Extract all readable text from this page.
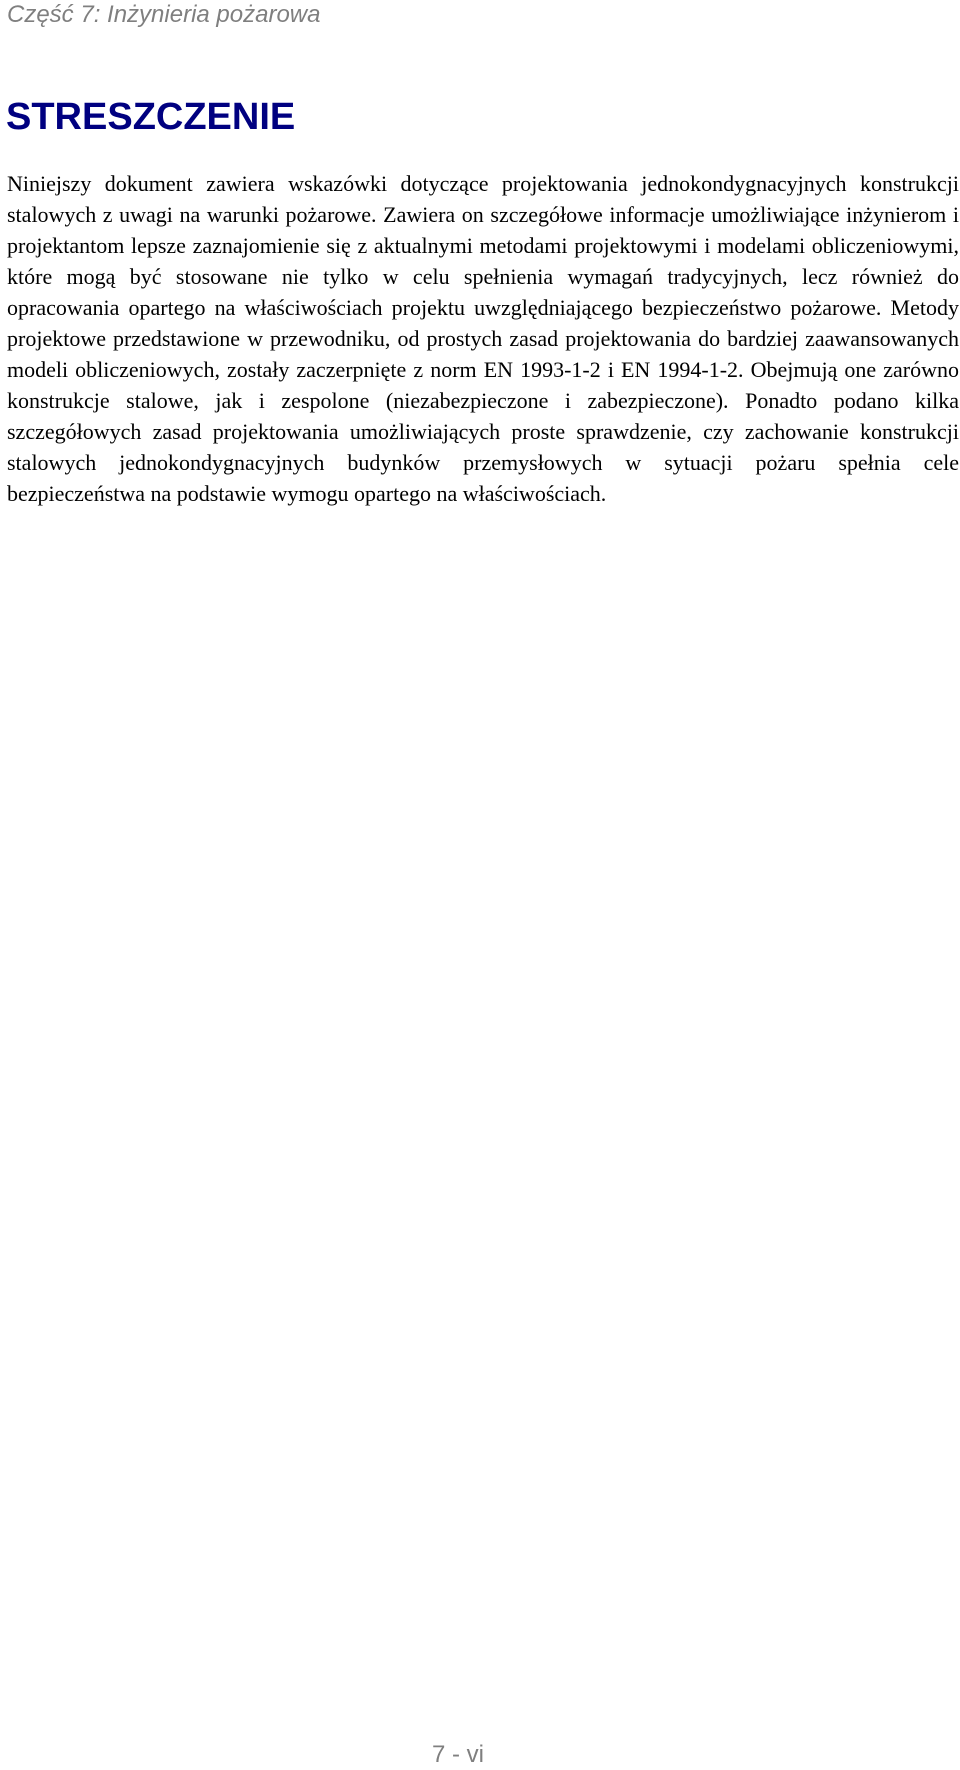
Część 7: Inżynieria pożarowa
STRESZCZENIE

Niniejszy dokument zawiera wskazówki dotyczące projektowania jednokondygnacyjnych konstrukcji stalowych z uwagi na warunki pożarowe. Zawiera on szczegółowe informacje umożliwiające inżynierom i projektantom lepsze zaznajomienie się z aktualnymi metodami projektowymi i modelami obliczeniowymi, które mogą być stosowane nie tylko w celu spełnienia wymagań tradycyjnych, lecz również do opracowania opartego na właściwościach projektu uwzględniającego bezpieczeństwo pożarowe. Metody projektowe przedstawione w przewodniku, od prostych zasad projektowania do bardziej zaawansowanych modeli obliczeniowych, zostały zaczerpnięte z norm EN 1993-1-2 i EN 1994-1-2. Obejmują one zarówno konstrukcje stalowe, jak i zespolone (niezabezpieczone i zabezpieczone). Ponadto podano kilka szczegółowych zasad projektowania umożliwiających proste sprawdzenie, czy zachowanie konstrukcji stalowych jednokondygnacyjnych budynków przemysłowych w sytuacji pożaru spełnia cele bezpieczeństwa na podstawie wymogu opartego na właściwościach.

7 - vi
